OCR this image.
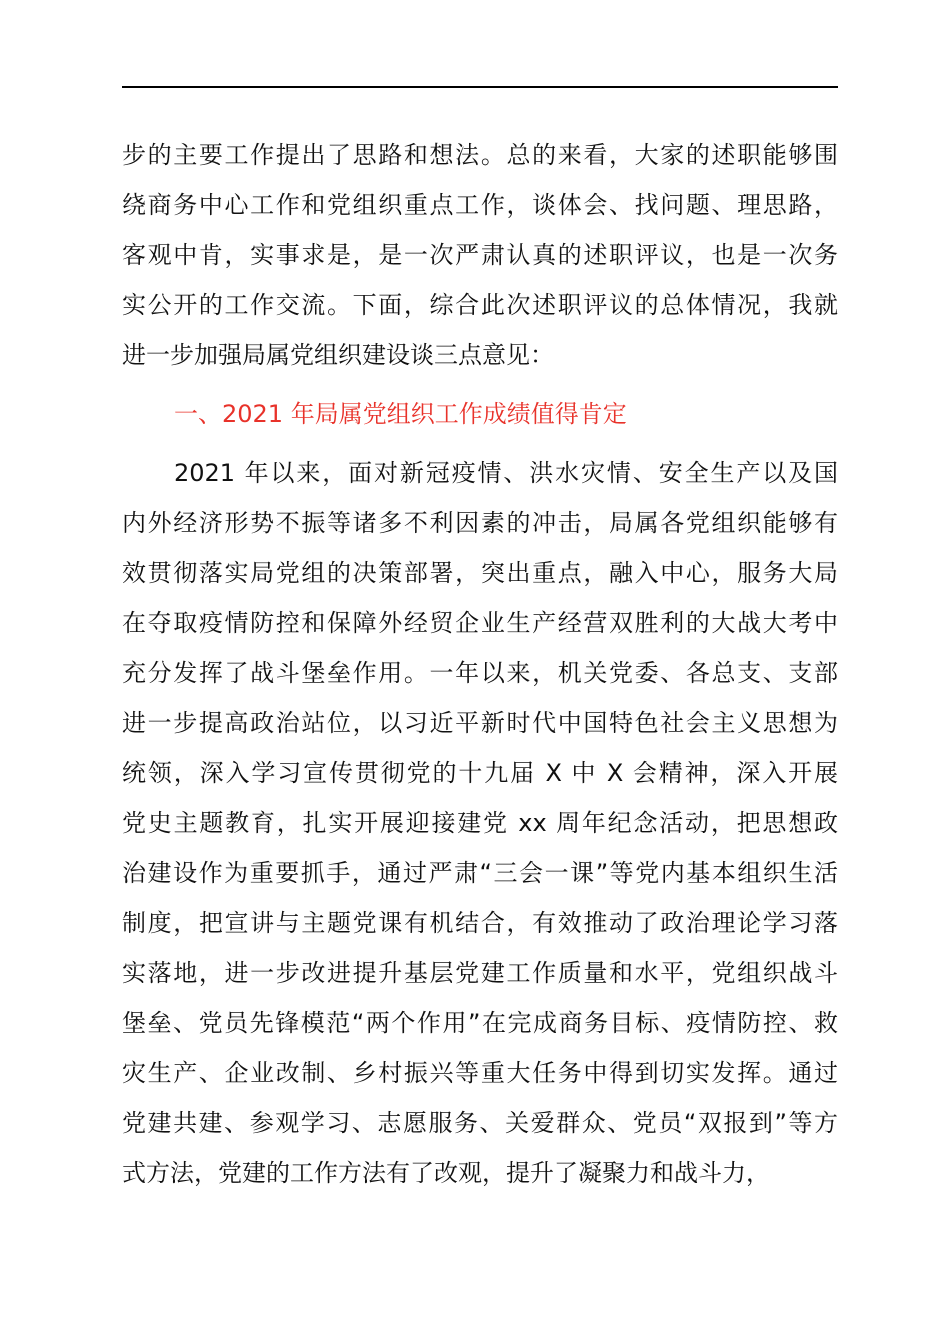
步的主要工作提出了思路和想法。总的来看，大家的述职能够围
绕商务中心工作和党组织重点工作，谈体会、找问题、理思路，
客观中肯，实事求是，是一次严肃认真的述职评议，也是一次务
实公开的工作交流。下面，综合此次述职评议的总体情况，我就
进一步加强局属党组织建设谈三点意见：
一、2021 年局属党组织工作成绩值得肯定
2021 年以来，面对新冠疫情、洪水灾情、安全生产以及国
内外经济形势不振等诸多不利因素的冲击，局属各党组织能够有
效贯彻落实局党组的决策部署，突出重点，融入中心，服务大局
在夺取疫情防控和保障外经贸企业生产经营双胜利的大战大考中
充分发挥了战斗堡垒作用。一年以来，机关党委、各总支、支部
进一步提高政治站位，以习近平新时代中国特色社会主义思想为
统领，深入学习宣传贯彻党的十九届 X 中 X 会精神，深入开展
党史主题教育，扎实开展迎接建党 xx 周年纪念活动，把思想政
治建设作为重要抓手，通过严肃“三会一课”等党内基本组织生活
制度，把宣讲与主题党课有机结合，有效推动了政治理论学习落
实落地，进一步改进提升基层党建工作质量和水平，党组织战斗
堡垒、党员先锋模范“两个作用”在完成商务目标、疫情防控、救
灾生产、企业改制、乡村振兴等重大任务中得到切实发挥。通过
党建共建、参观学习、志愿服务、关爱群众、党员“双报到”等方
式方法，党建的工作方法有了改观，提升了凝聚力和战斗力，
